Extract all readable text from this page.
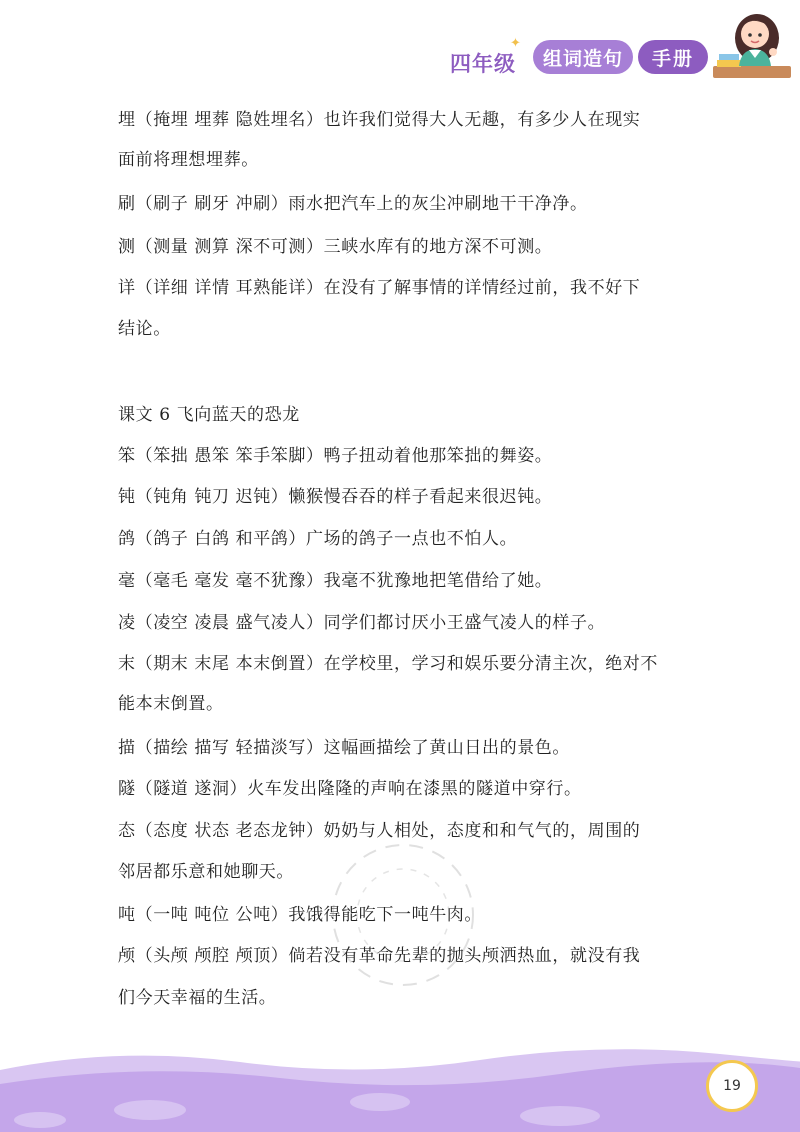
四年级
✦
组词造句	手册
埋（掩埋 埋葬 隐姓埋名）也许我们觉得大人无趣，有多少人在现实
面前将理想埋葬。
刷（刷子 刷牙 冲刷）雨水把汽车上的灰尘冲刷地干干净净。
测（测量 测算 深不可测）三峡水库有的地方深不可测。
详（详细 详情 耳熟能详）在没有了解事情的详情经过前，我不好下
结论。
课文 6 飞向蓝天的恐龙
笨（笨拙 愚笨 笨手笨脚）鸭子扭动着他那笨拙的舞姿。
钝（钝角 钝刀 迟钝）懒猴慢吞吞的样子看起来很迟钝。
鸽（鸽子 白鸽 和平鸽）广场的鸽子一点也不怕人。
毫（毫毛 毫发 毫不犹豫）我毫不犹豫地把笔借给了她。
凌（凌空 凌晨 盛气凌人）同学们都讨厌小王盛气凌人的样子。
末（期末 末尾 本末倒置）在学校里，学习和娱乐要分清主次，绝对不
能本末倒置。
描（描绘 描写 轻描淡写）这幅画描绘了黄山日出的景色。
隧（隧道 遂洞）火车发出隆隆的声响在漆黑的隧道中穿行。
态（态度 状态 老态龙钟）奶奶与人相处，态度和和气气的，周围的
邻居都乐意和她聊天。
吨（一吨 吨位 公吨）我饿得能吃下一吨牛肉。
颅（头颅 颅腔 颅顶）倘若没有革命先辈的抛头颅洒热血，就没有我
们今天幸福的生活。
19
